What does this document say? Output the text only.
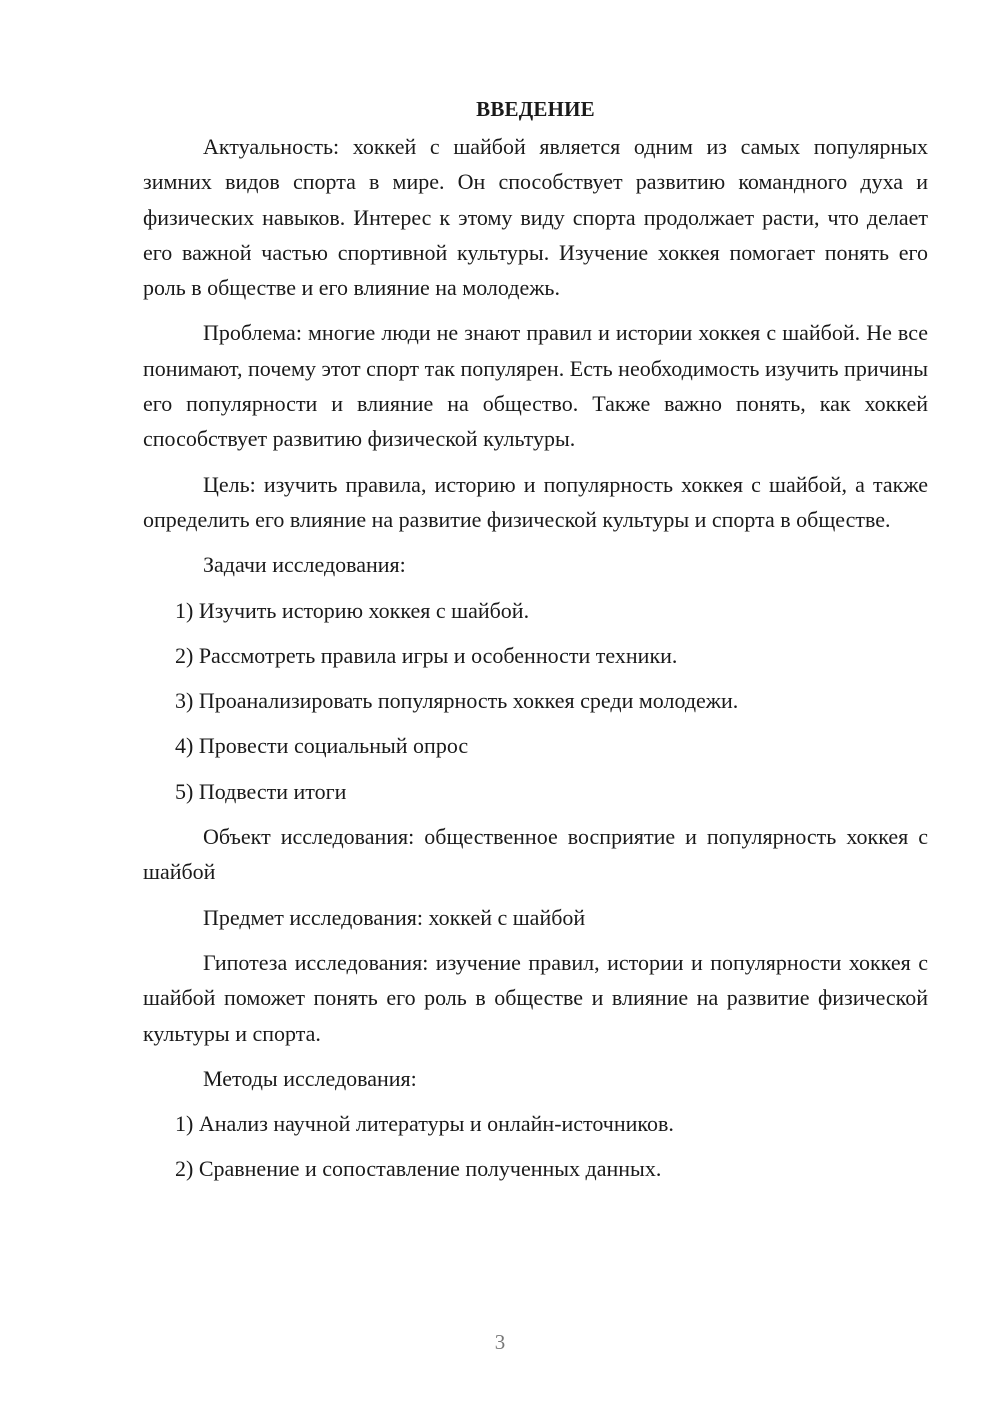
ВВЕДЕНИЕ

Актуальность: хоккей с шайбой является одним из самых популярных зимних видов спорта в мире. Он способствует развитию командного духа и физических навыков. Интерес к этому виду спорта продолжает расти, что делает его важной частью спортивной культуры. Изучение хоккея помогает понять его роль в обществе и его влияние на молодежь.

Проблема: многие люди не знают правил и истории хоккея с шайбой. Не все понимают, почему этот спорт так популярен. Есть необходимость изучить причины его популярности и влияние на общество. Также важно понять, как хоккей способствует развитию физической культуры.

Цель: изучить правила, историю и популярность хоккея с шайбой, а также определить его влияние на развитие физической культуры и спорта в обществе.

Задачи исследования:

1) Изучить историю хоккея с шайбой.
2) Рассмотреть правила игры и особенности техники.
3) Проанализировать популярность хоккея среди молодежи.
4) Провести социальный опрос
5) Подвести итоги

Объект исследования: общественное восприятие и популярность хоккея с шайбой

Предмет исследования: хоккей с шайбой

Гипотеза исследования: изучение правил, истории и популярности хоккея с шайбой поможет понять его роль в обществе и влияние на развитие физической культуры и спорта.

Методы исследования:

1) Анализ научной литературы и онлайн-источников.
2) Сравнение и сопоставление полученных данных.
3
